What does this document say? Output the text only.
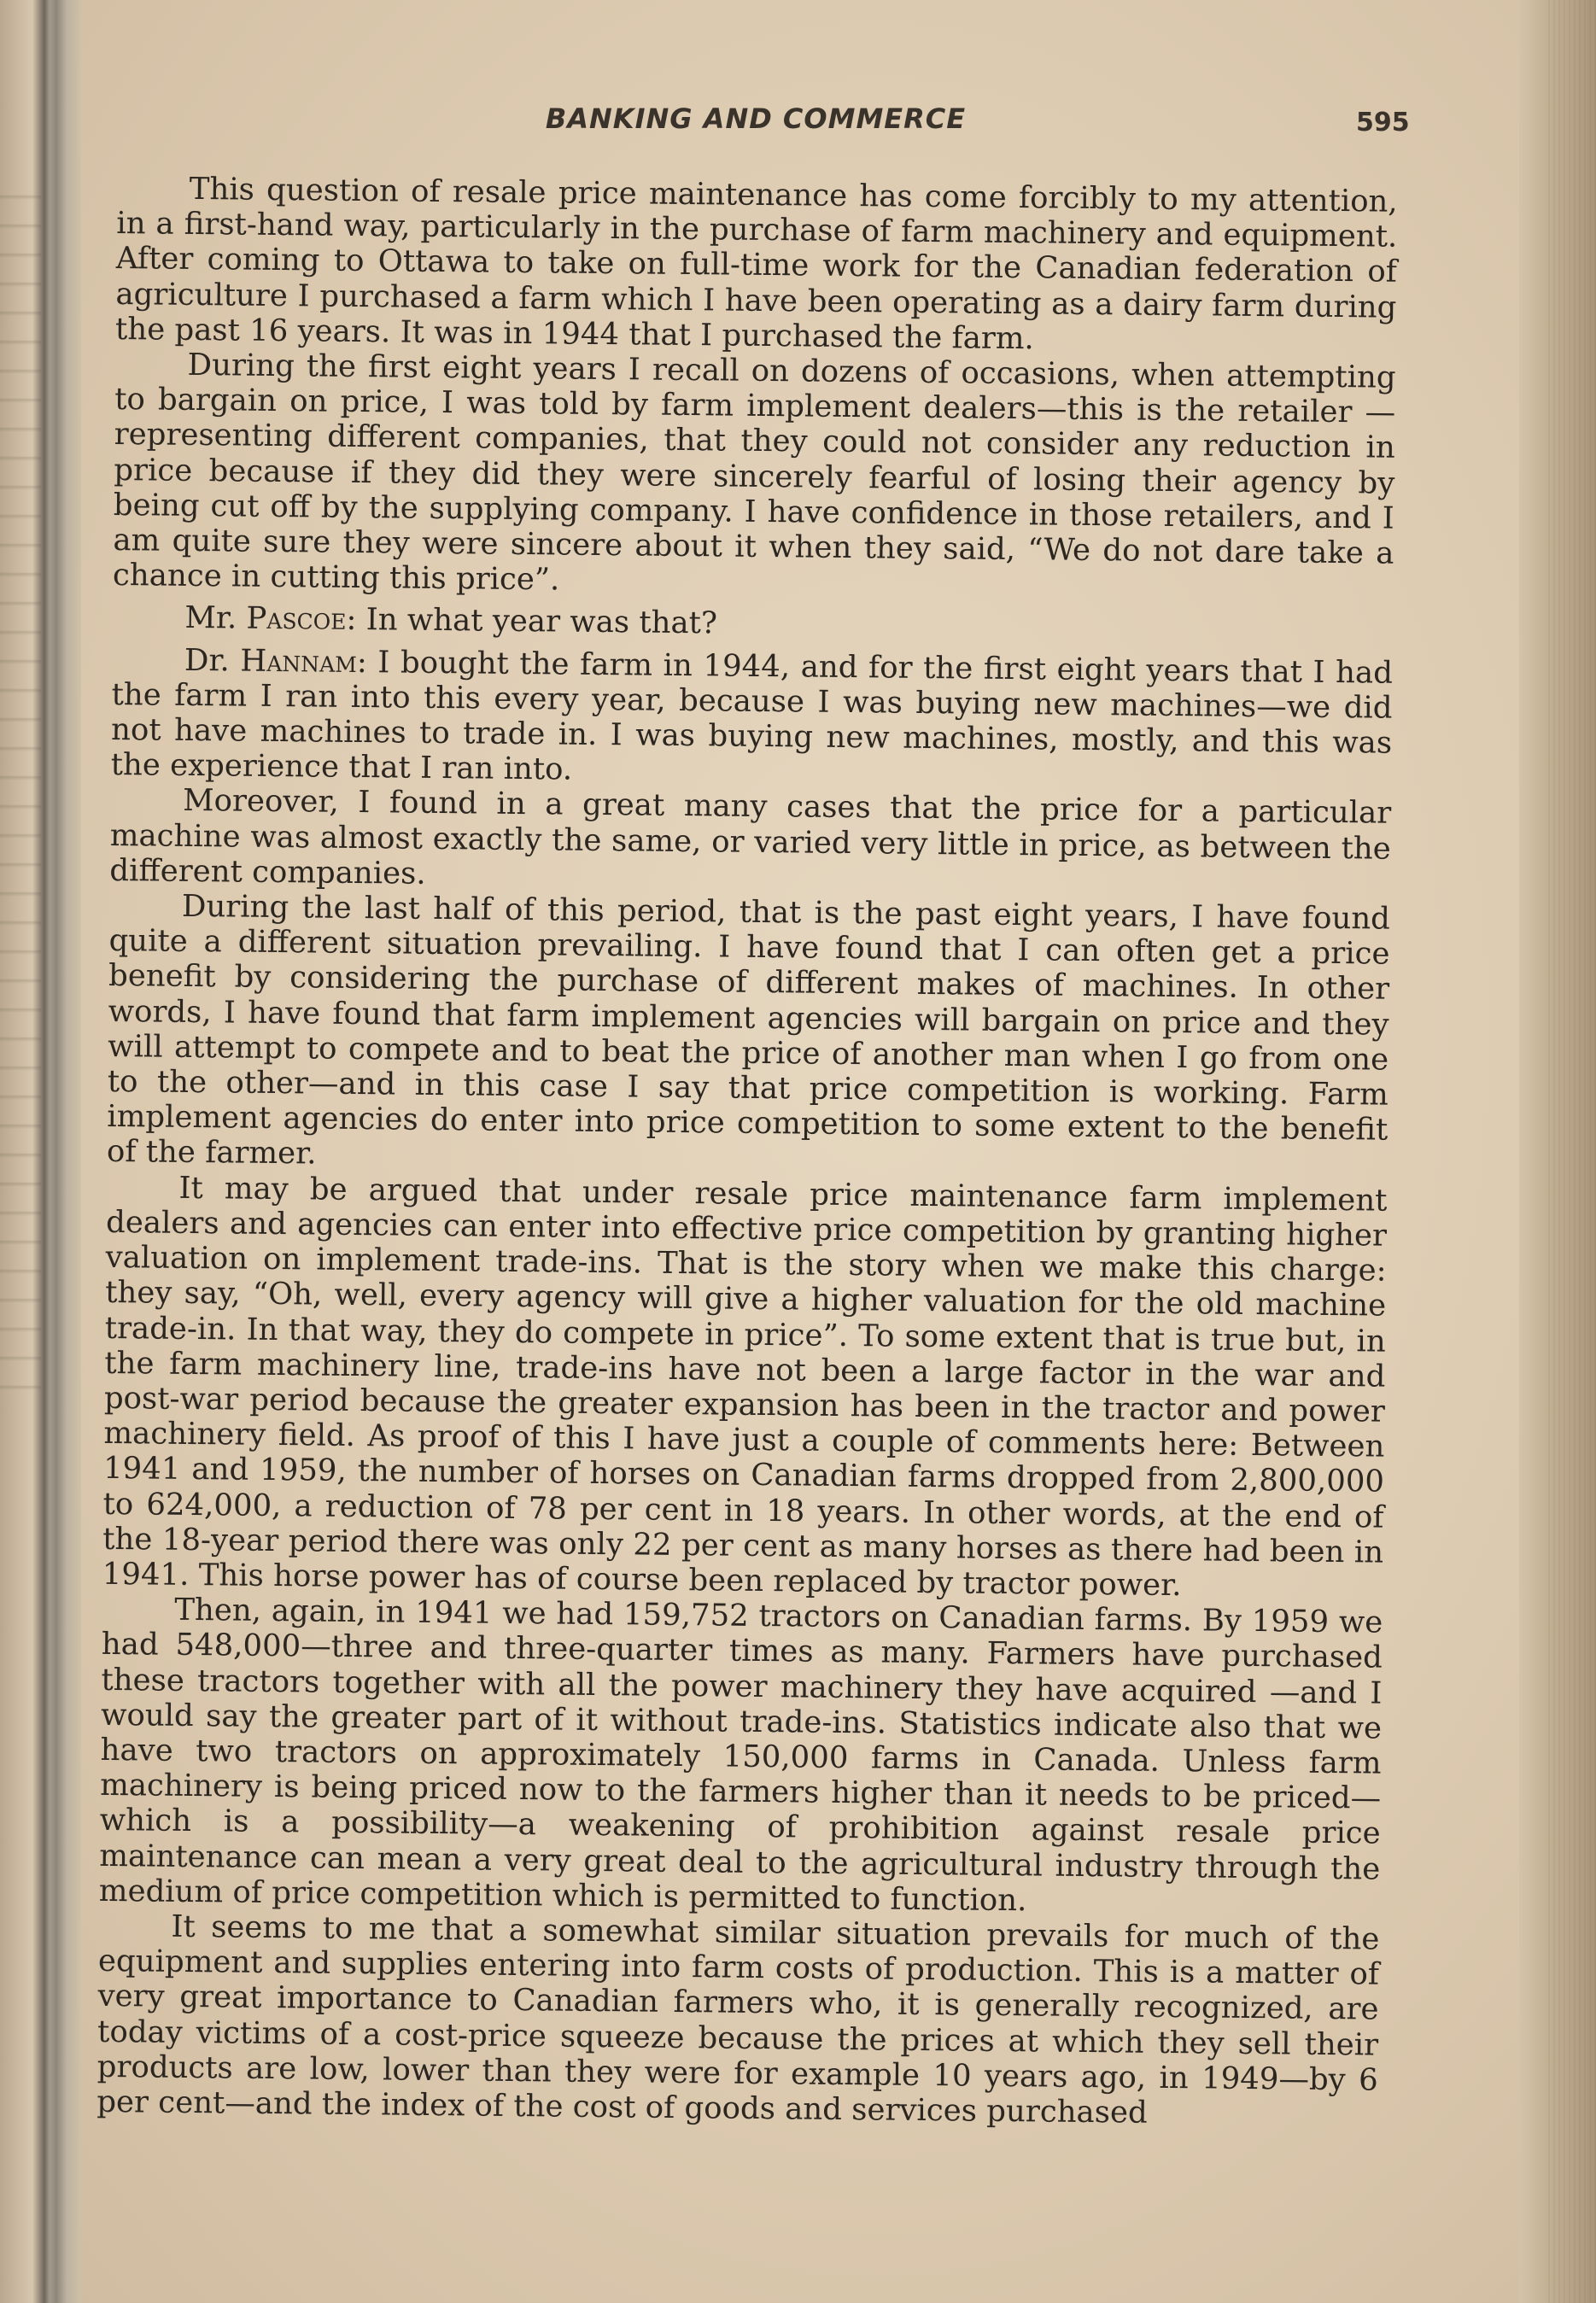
BANKING AND COMMERCE	595

This question of resale price maintenance has come forcibly to my attention, in a first-hand way, particularly in the purchase of farm machinery and equipment. After coming to Ottawa to take on full-time work for the Canadian federation of agriculture I purchased a farm which I have been operating as a dairy farm during the past 16 years. It was in 1944 that I purchased the farm.

During the first eight years I recall on dozens of occasions, when attempting to bargain on price, I was told by farm implement dealers—this is the retailer —representing different companies, that they could not consider any reduction in price because if they did they were sincerely fearful of losing their agency by being cut off by the supplying company. I have confidence in those retailers, and I am quite sure they were sincere about it when they said, “We do not dare take a chance in cutting this price”.

Mr. Pascoe: In what year was that?

Dr. Hannam: I bought the farm in 1944, and for the first eight years that I had the farm I ran into this every year, because I was buying new machines—we did not have machines to trade in. I was buying new machines, mostly, and this was the experience that I ran into.

Moreover, I found in a great many cases that the price for a particular machine was almost exactly the same, or varied very little in price, as between the different companies.

During the last half of this period, that is the past eight years, I have found quite a different situation prevailing. I have found that I can often get a price benefit by considering the purchase of different makes of machines. In other words, I have found that farm implement agencies will bargain on price and they will attempt to compete and to beat the price of another man when I go from one to the other—and in this case I say that price competition is working. Farm implement agencies do enter into price competition to some extent to the benefit of the farmer.

It may be argued that under resale price maintenance farm implement dealers and agencies can enter into effective price competition by granting higher valuation on implement trade-ins. That is the story when we make this charge: they say, “Oh, well, every agency will give a higher valuation for the old machine trade-in. In that way, they do compete in price”. To some extent that is true but, in the farm machinery line, trade-ins have not been a large factor in the war and post-war period because the greater expansion has been in the tractor and power machinery field. As proof of this I have just a couple of comments here: Between 1941 and 1959, the number of horses on Canadian farms dropped from 2,800,000 to 624,000, a reduction of 78 per cent in 18 years. In other words, at the end of the 18-year period there was only 22 per cent as many horses as there had been in 1941. This horse power has of course been replaced by tractor power.

Then, again, in 1941 we had 159,752 tractors on Canadian farms. By 1959 we had 548,000—three and three-quarter times as many. Farmers have purchased these tractors together with all the power machinery they have acquired —and I would say the greater part of it without trade-ins. Statistics indicate also that we have two tractors on approximately 150,000 farms in Canada. Unless farm machinery is being priced now to the farmers higher than it needs to be priced—which is a possibility—a weakening of prohibition against resale price maintenance can mean a very great deal to the agricultural industry through the medium of price competition which is permitted to function.

It seems to me that a somewhat similar situation prevails for much of the equipment and supplies entering into farm costs of production. This is a matter of very great importance to Canadian farmers who, it is generally recognized, are today victims of a cost-price squeeze because the prices at which they sell their products are low, lower than they were for example 10 years ago, in 1949—by 6 per cent—and the index of the cost of goods and services purchased
